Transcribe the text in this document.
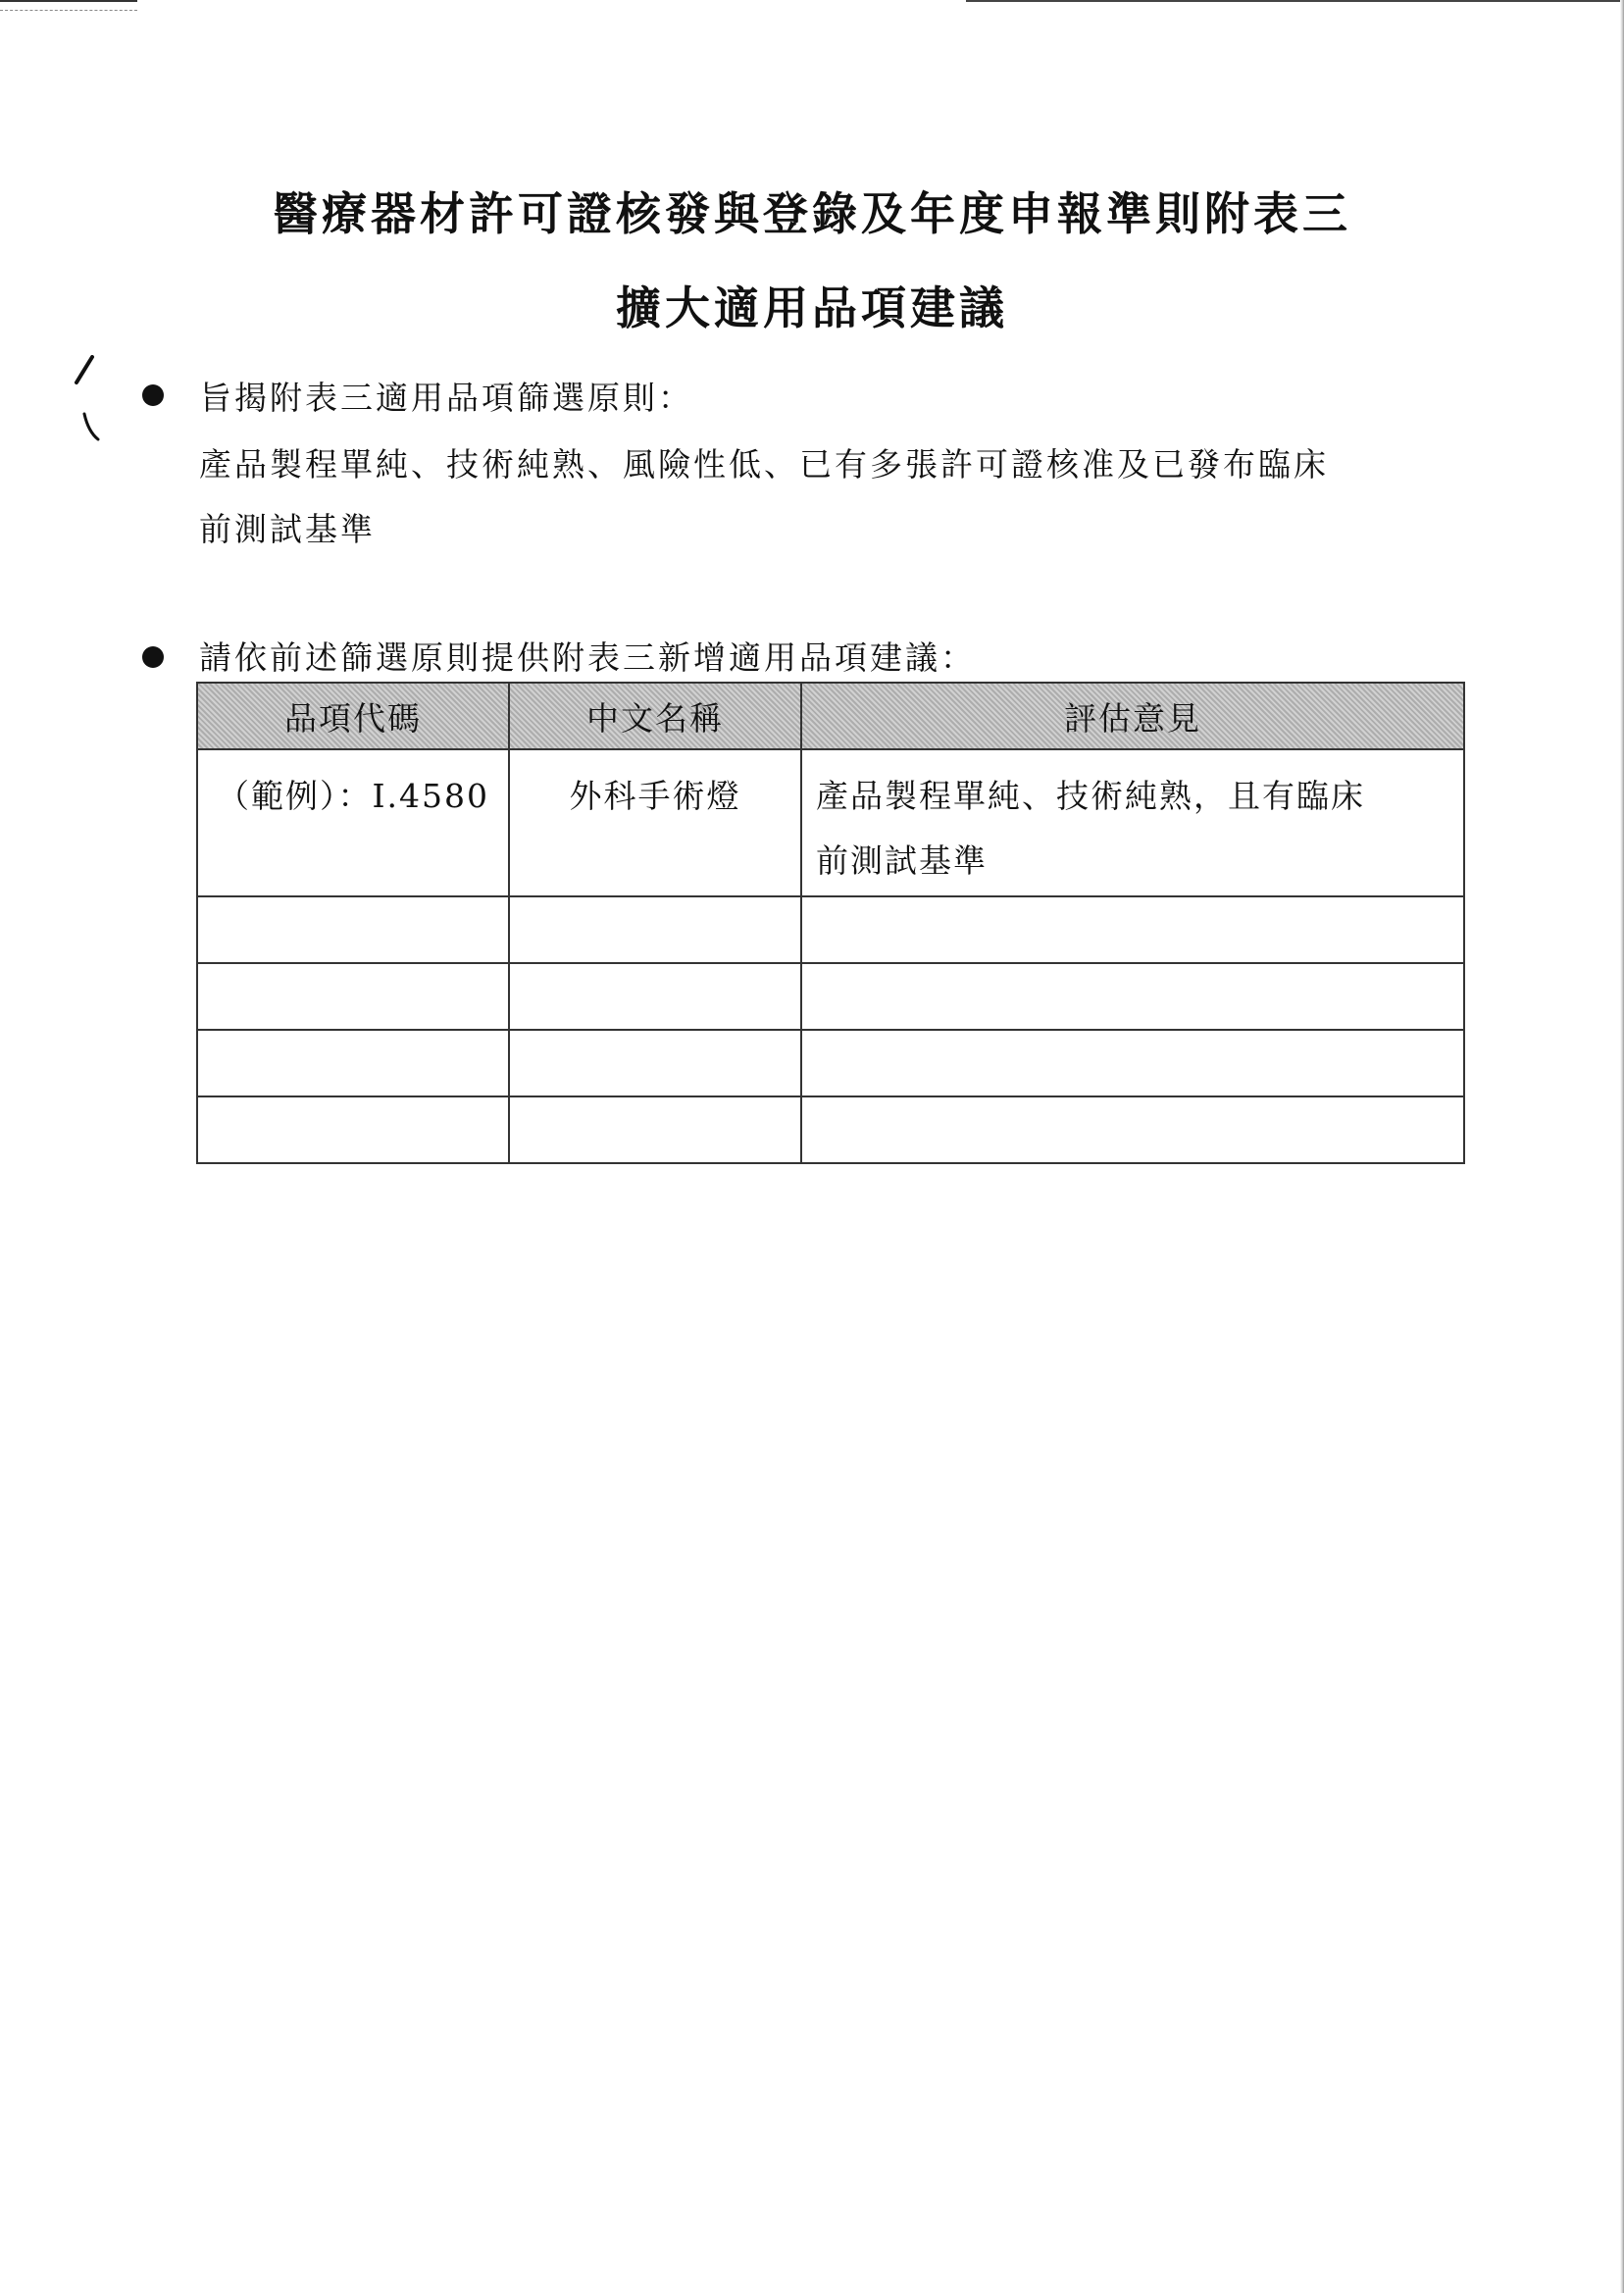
醫療器材許可證核發與登錄及年度申報準則附表三
擴大適用品項建議
旨揭附表三適用品項篩選原則：
產品製程單純、技術純熟、風險性低、已有多張許可證核准及已發布臨床
前測試基準
請依前述篩選原則提供附表三新增適用品項建議：
品項代碼	中文名稱	評估意見
（範例）：I.4580	外科手術燈	產品製程單純、技術純熟，且有臨床
前測試基準
